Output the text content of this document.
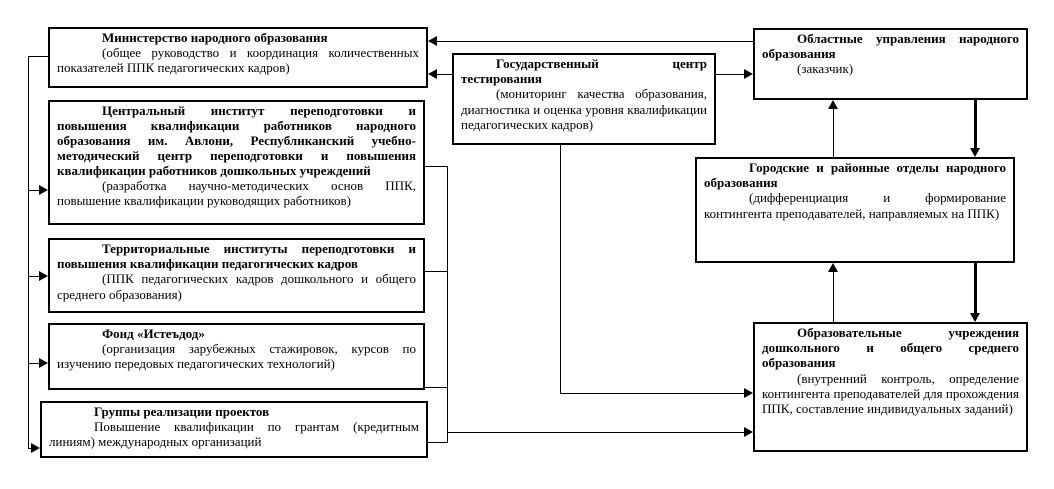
Министерство народного образования

(общее руководство и координация количественных показателей ППК педагогических кадров)

Центральный институт переподготовки и повышения квалификации работников народного образования им. Авлони, Республиканский учебно-методический центр переподготовки и повышения квалификации работников дошкольных учреждений

(разработка научно-методических основ ППК, повышение квалификации руководящих работников)

Территориальные институты переподготовки и повышения квалификации педагогических кадров

(ППК педагогических кадров дошкольного и общего среднего образования)

Фонд «Истеъдод»

(организация зарубежных стажировок, курсов по изучению передовых педагогических технологий)

Группы реализации проектов

Повышение квалификации по грантам (кредитным линиям) международных организаций

Государственный центр тестирования

(мониторинг качества образования, диагностика и оценка уровня квалификации педагогических кадров)

Областные управления народного образования

(заказчик)

Городские и районные отделы народного образования

(дифференциация и формирование контингента преподавателей, направляемых на ППК)

Образовательные учреждения дошкольного и общего среднего образования

(внутренний контроль, определение контингента преподавателей для прохождения ППК, составление индивидуальных заданий)
